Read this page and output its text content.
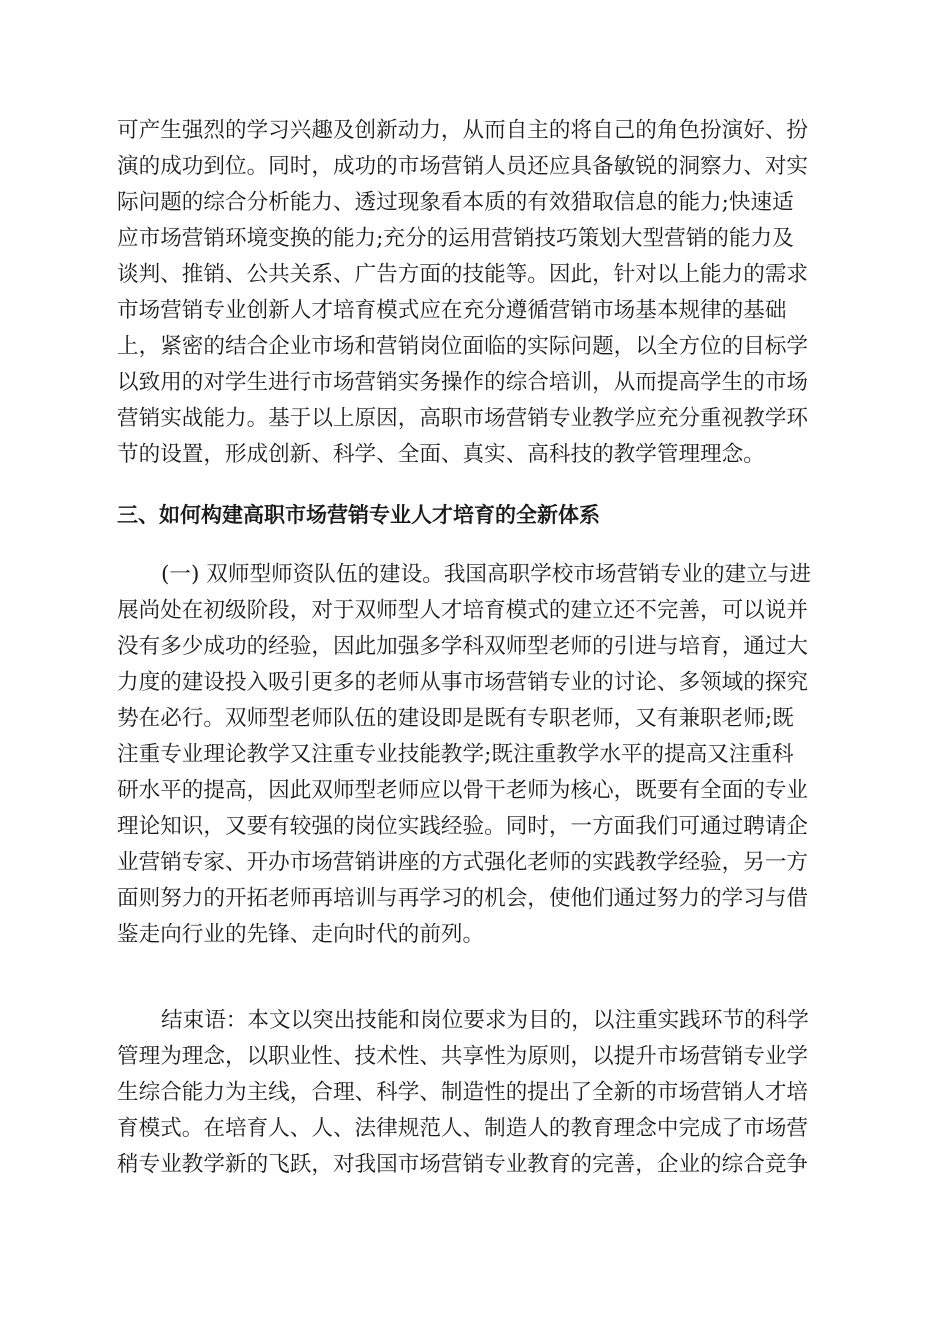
可产生强烈的学习兴趣及创新动力，从而自主的将自己的角色扮演好、扮
演的成功到位。同时，成功的市场营销人员还应具备敏锐的洞察力、对实
际问题的综合分析能力、透过现象看本质的有效猎取信息的能力;快速适
应市场营销环境变换的能力;充分的运用营销技巧策划大型营销的能力及
谈判、推销、公共关系、广告方面的技能等。因此，针对以上能力的需求
市场营销专业创新人才培育模式应在充分遵循营销市场基本规律的基础
上，紧密的结合企业市场和营销岗位面临的实际问题，以全方位的目标学
以致用的对学生进行市场营销实务操作的综合培训，从而提高学生的市场
营销实战能力。基于以上原因，高职市场营销专业教学应充分重视教学环
节的设置，形成创新、科学、全面、真实、高科技的教学管理理念。
三、如何构建高职市场营销专业人才培育的全新体系
(一) 双师型师资队伍的建设。我国高职学校市场营销专业的建立与进
展尚处在初级阶段，对于双师型人才培育模式的建立还不完善，可以说并
没有多少成功的经验，因此加强多学科双师型老师的引进与培育，通过大
力度的建设投入吸引更多的老师从事市场营销专业的讨论、多领域的探究
势在必行。双师型老师队伍的建设即是既有专职老师，又有兼职老师;既
注重专业理论教学又注重专业技能教学;既注重教学水平的提高又注重科
研水平的提高，因此双师型老师应以骨干老师为核心，既要有全面的专业
理论知识，又要有较强的岗位实践经验。同时，一方面我们可通过聘请企
业营销专家、开办市场营销讲座的方式强化老师的实践教学经验，另一方
面则努力的开拓老师再培训与再学习的机会，使他们通过努力的学习与借
鉴走向行业的先锋、走向时代的前列。
结束语：本文以突出技能和岗位要求为目的，以注重实践环节的科学
管理为理念，以职业性、技术性、共享性为原则，以提升市场营销专业学
生综合能力为主线，合理、科学、制造性的提出了全新的市场营销人才培
育模式。在培育人、人、法律规范人、制造人的教育理念中完成了市场营
稍专业教学新的飞跃，对我国市场营销专业教育的完善，企业的综合竞争
